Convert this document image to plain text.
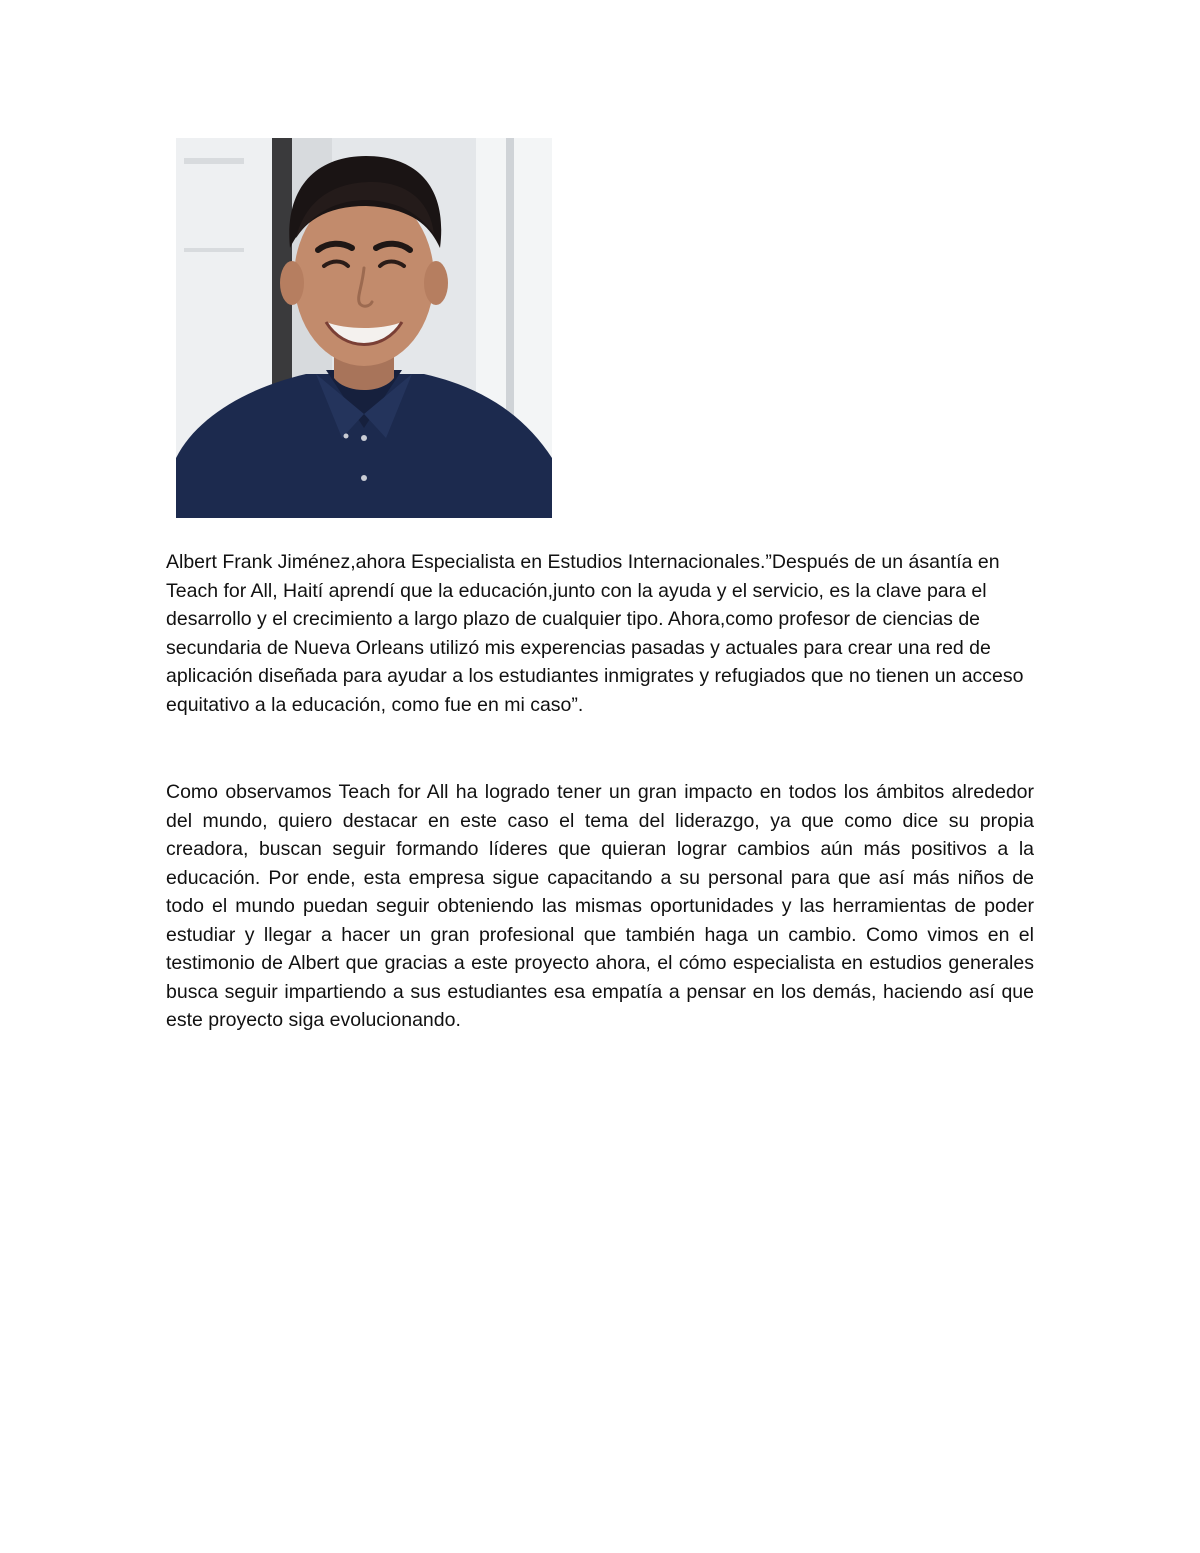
Albert Frank Jiménez,ahora Especialista en Estudios Internacionales.”Después de un ásantía en Teach for All, Haití aprendí que la educación,junto con la ayuda y el servicio, es la clave para el desarrollo y el crecimiento a largo plazo de cualquier tipo. Ahora,como profesor de ciencias de secundaria de Nueva Orleans utilizó mis experencias pasadas y actuales para crear una red de aplicación diseñada para ayudar a los estudiantes inmigrates y refugiados que no tienen un acceso equitativo a la educación, como fue en mi caso”.

Como observamos Teach for All ha logrado tener un gran impacto en todos los ámbitos alrededor del mundo, quiero destacar en este caso el tema del liderazgo, ya que como dice su propia creadora, buscan seguir formando líderes que quieran lograr cambios aún más positivos a la educación. Por ende, esta empresa sigue capacitando a su personal para que así más niños de todo el mundo puedan seguir obteniendo las mismas oportunidades y las herramientas de poder estudiar y llegar a hacer un gran profesional que también haga un cambio. Como vimos en el testimonio de Albert que gracias a este proyecto ahora, el cómo especialista en estudios generales busca seguir impartiendo a sus estudiantes esa empatía a pensar en los demás, haciendo así que este proyecto siga evolucionando.
